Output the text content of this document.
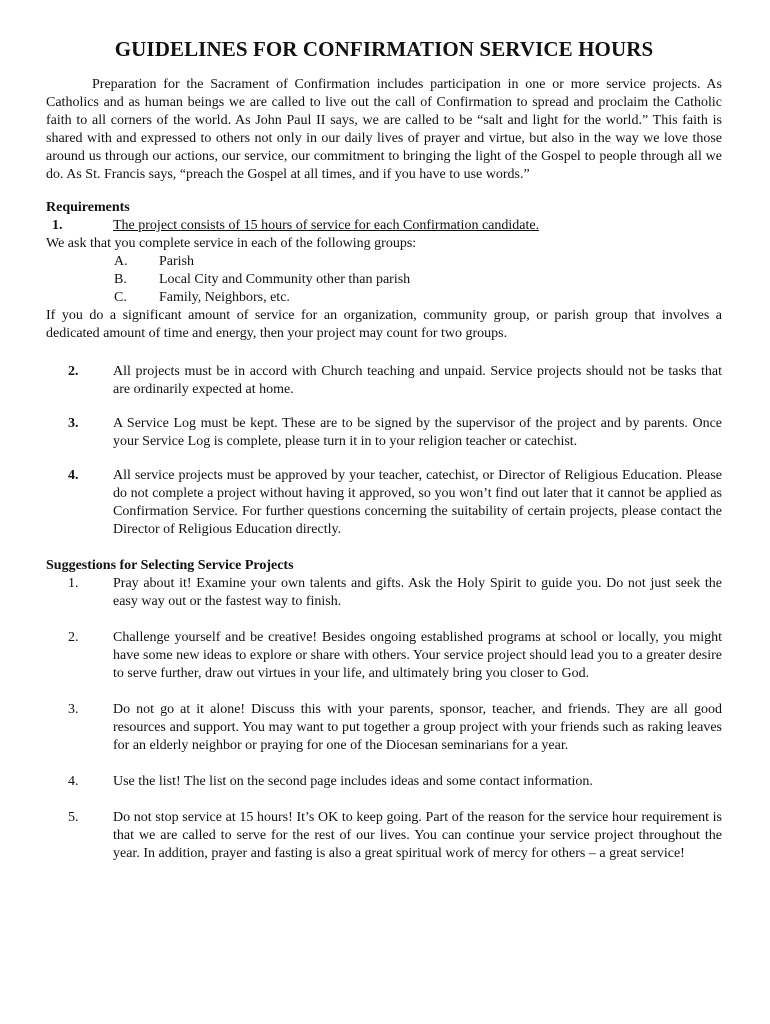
GUIDELINES FOR CONFIRMATION SERVICE HOURS

Preparation for the Sacrament of Confirmation includes participation in one or more service projects. As Catholics and as human beings we are called to live out the call of Confirmation to spread and proclaim the Catholic faith to all corners of the world. As John Paul II says, we are called to be “salt and light for the world.” This faith is shared with and expressed to others not only in our daily lives of prayer and virtue, but also in the way we love those around us through our actions, our service, our commitment to bringing the light of the Gospel to people through all we do. As St. Francis says, “preach the Gospel at all times, and if you have to use words.”

Requirements
1.	The project consists of 15 hours of service for each Confirmation candidate.
We ask that you complete service in each of the following groups:
A.	Parish
B.	Local City and Community other than parish
C.	Family, Neighbors, etc.
If you do a significant amount of service for an organization, community group, or parish group that involves a dedicated amount of time and energy, then your project may count for two groups.
2.	All projects must be in accord with Church teaching and unpaid. Service projects should not be tasks that are ordinarily expected at home.
3.	A Service Log must be kept. These are to be signed by the supervisor of the project and by parents. Once your Service Log is complete, please turn it in to your religion teacher or catechist.
4.	All service projects must be approved by your teacher, catechist, or Director of Religious Education. Please do not complete a project without having it approved, so you won’t find out later that it cannot be applied as Confirmation Service. For further questions concerning the suitability of certain projects, please contact the Director of Religious Education directly.
Suggestions for Selecting Service Projects
1.	Pray about it! Examine your own talents and gifts. Ask the Holy Spirit to guide you. Do not just seek the easy way out or the fastest way to finish.
2.	Challenge yourself and be creative! Besides ongoing established programs at school or locally, you might have some new ideas to explore or share with others. Your service project should lead you to a greater desire to serve further, draw out virtues in your life, and ultimately bring you closer to God.
3.	Do not go at it alone! Discuss this with your parents, sponsor, teacher, and friends. They are all good resources and support. You may want to put together a group project with your friends such as raking leaves for an elderly neighbor or praying for one of the Diocesan seminarians for a year.
4.	Use the list! The list on the second page includes ideas and some contact information.
5.	Do not stop service at 15 hours! It’s OK to keep going. Part of the reason for the service hour requirement is that we are called to serve for the rest of our lives. You can continue your service project throughout the year. In addition, prayer and fasting is also a great spiritual work of mercy for others – a great service!
